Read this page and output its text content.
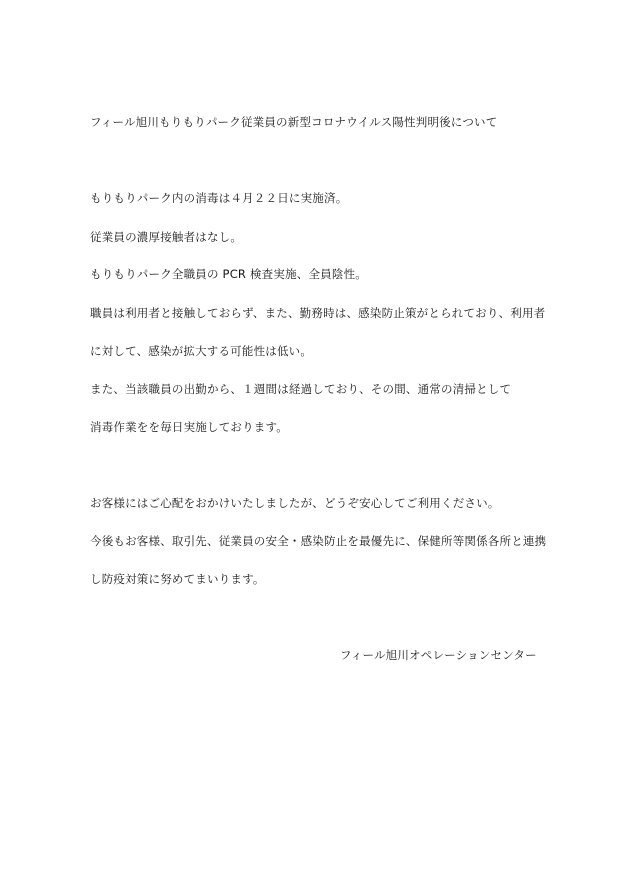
フィール旭川もりもりパーク従業員の新型コロナウイルス陽性判明後について
もりもりパーク内の消毒は４月２２日に実施済。
従業員の濃厚接触者はなし。
もりもりパーク全職員の PCR 検査実施、全員陰性。
職員は利用者と接触しておらず、また、勤務時は、感染防止策がとられており、利用者
に対して、感染が拡大する可能性は低い。
また、当該職員の出勤から、１週間は経過しており、その間、通常の清掃として
消毒作業をを毎日実施しております。
お客様にはご心配をおかけいたしましたが、どうぞ安心してご利用ください。
今後もお客様、取引先、従業員の安全・感染防止を最優先に、保健所等関係各所と連携
し防疫対策に努めてまいります。
フィール旭川オペレーションセンター
